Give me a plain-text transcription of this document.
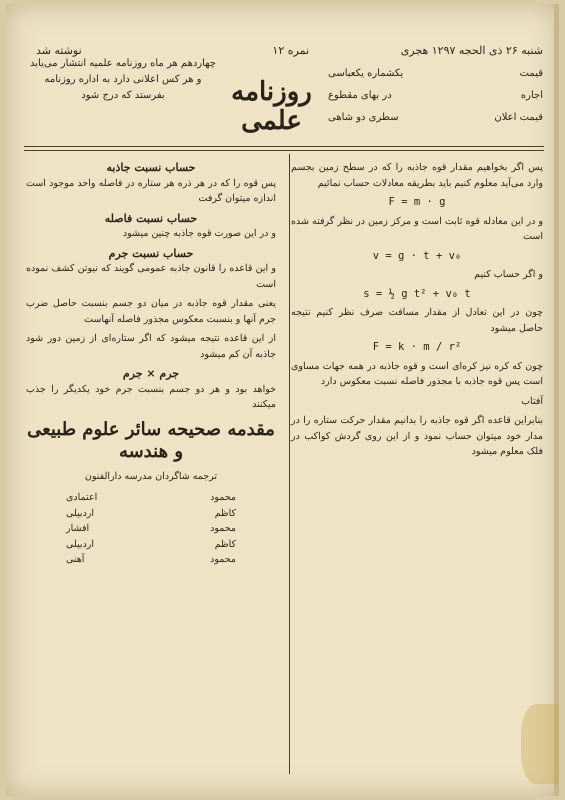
شنبه ۲۶ ذی الحجه ۱۲۹۷ هجری
نمره ۱۲
نوشته شد
قیمت
یکشماره یکعباسی
اجاره
در بهای مقطوع
قیمت اعلان
سطری دو شاهی
روزنامه علمی
چهاردهم هر ماه روزنامه علمیه انتشار می‌یابد و هر کس اعلانی دارد به اداره روزنامه بفرستد که درج شود

پس اگر بخواهیم مقدار قوه جاذبه را که در سطح زمین بجسم وارد می‌آید معلوم کنیم باید بطریقه معادلات حساب نمائیم

F = m · g

و در این معادله قوه ثابت است و مرکز زمین در نظر گرفته شده است

v = g · t + v₀

و اگر حساب کنیم

s = ½ g t² + v₀ t

چون در این تعادل از مقدار مسافت صرف نظر کنیم نتیجه حاصل میشود

F = k · m / r²

چون که کره نیز کره‌ای است و قوه جاذبه در همه جهات مساوی است پس قوه جاذبه با مجذور فاصله نسبت معکوس دارد

آفتاب

بنابراین قاعده اگر قوه جاذبه را بدانیم مقدار حرکت ستاره را در مدار خود میتوان حساب نمود و از این روی گردش کواکب در فلک معلوم میشود

حساب نسبت جاذبه

پس قوه را که در هر ذره هر ستاره در فاصله واحد موجود است اندازه میتوان گرفت

حساب نسبت فاصله

و در این صورت قوه جاذبه چنین میشود

حساب نسبت جرم

و این قاعده را قانون جاذبه عمومی گویند که نیوتن کشف نموده است

یعنی مقدار قوه جاذبه در میان دو جسم بنسبت حاصل ضرب جرم آنها و بنسبت معکوس مجذور فاصله آنهاست

از این قاعده نتیجه میشود که اگر ستاره‌ای از زمین دور شود جاذبه آن کم میشود

جرم × جرم

خواهد بود و هر دو جسم بنسبت جرم خود یکدیگر را جذب میکنند

مقدمه صحیحه سائر علوم طبیعی و هندسه

ترجمه شاگردان مدرسه دارالفنون

محمود
اعتمادی
کاظم
اردبیلی
محمود
افشار
کاظم
اردبیلی
محمود
آهنی
